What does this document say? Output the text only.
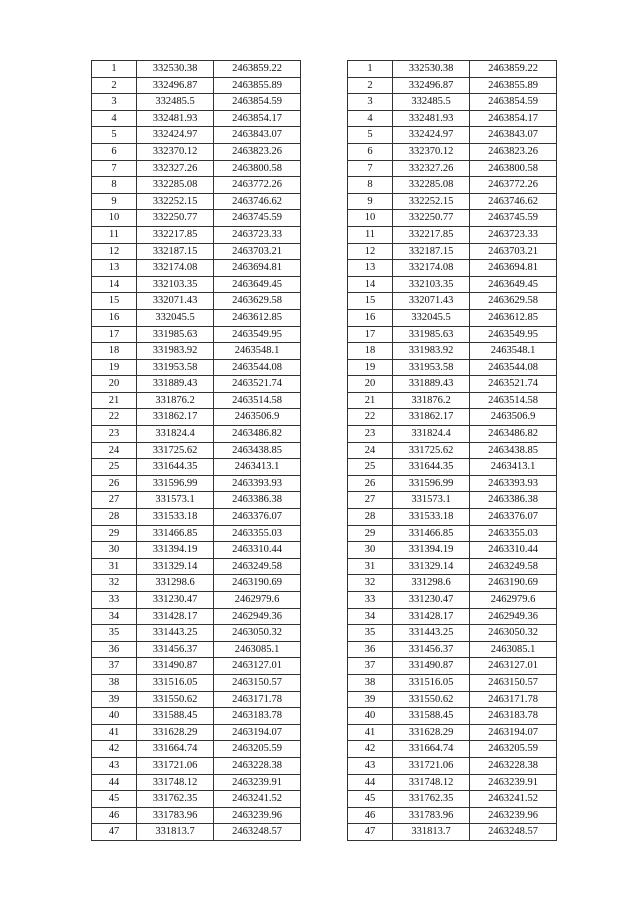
1	332530.38	2463859.22
2	332496.87	2463855.89
3	332485.5	2463854.59
4	332481.93	2463854.17
5	332424.97	2463843.07
6	332370.12	2463823.26
7	332327.26	2463800.58
8	332285.08	2463772.26
9	332252.15	2463746.62
10	332250.77	2463745.59
11	332217.85	2463723.33
12	332187.15	2463703.21
13	332174.08	2463694.81
14	332103.35	2463649.45
15	332071.43	2463629.58
16	332045.5	2463612.85
17	331985.63	2463549.95
18	331983.92	2463548.1
19	331953.58	2463544.08
20	331889.43	2463521.74
21	331876.2	2463514.58
22	331862.17	2463506.9
23	331824.4	2463486.82
24	331725.62	2463438.85
25	331644.35	2463413.1
26	331596.99	2463393.93
27	331573.1	2463386.38
28	331533.18	2463376.07
29	331466.85	2463355.03
30	331394.19	2463310.44
31	331329.14	2463249.58
32	331298.6	2463190.69
33	331230.47	2462979.6
34	331428.17	2462949.36
35	331443.25	2463050.32
36	331456.37	2463085.1
37	331490.87	2463127.01
38	331516.05	2463150.57
39	331550.62	2463171.78
40	331588.45	2463183.78
41	331628.29	2463194.07
42	331664.74	2463205.59
43	331721.06	2463228.38
44	331748.12	2463239.91
45	331762.35	2463241.52
46	331783.96	2463239.96
47	331813.7	2463248.57
1	332530.38	2463859.22
2	332496.87	2463855.89
3	332485.5	2463854.59
4	332481.93	2463854.17
5	332424.97	2463843.07
6	332370.12	2463823.26
7	332327.26	2463800.58
8	332285.08	2463772.26
9	332252.15	2463746.62
10	332250.77	2463745.59
11	332217.85	2463723.33
12	332187.15	2463703.21
13	332174.08	2463694.81
14	332103.35	2463649.45
15	332071.43	2463629.58
16	332045.5	2463612.85
17	331985.63	2463549.95
18	331983.92	2463548.1
19	331953.58	2463544.08
20	331889.43	2463521.74
21	331876.2	2463514.58
22	331862.17	2463506.9
23	331824.4	2463486.82
24	331725.62	2463438.85
25	331644.35	2463413.1
26	331596.99	2463393.93
27	331573.1	2463386.38
28	331533.18	2463376.07
29	331466.85	2463355.03
30	331394.19	2463310.44
31	331329.14	2463249.58
32	331298.6	2463190.69
33	331230.47	2462979.6
34	331428.17	2462949.36
35	331443.25	2463050.32
36	331456.37	2463085.1
37	331490.87	2463127.01
38	331516.05	2463150.57
39	331550.62	2463171.78
40	331588.45	2463183.78
41	331628.29	2463194.07
42	331664.74	2463205.59
43	331721.06	2463228.38
44	331748.12	2463239.91
45	331762.35	2463241.52
46	331783.96	2463239.96
47	331813.7	2463248.57
